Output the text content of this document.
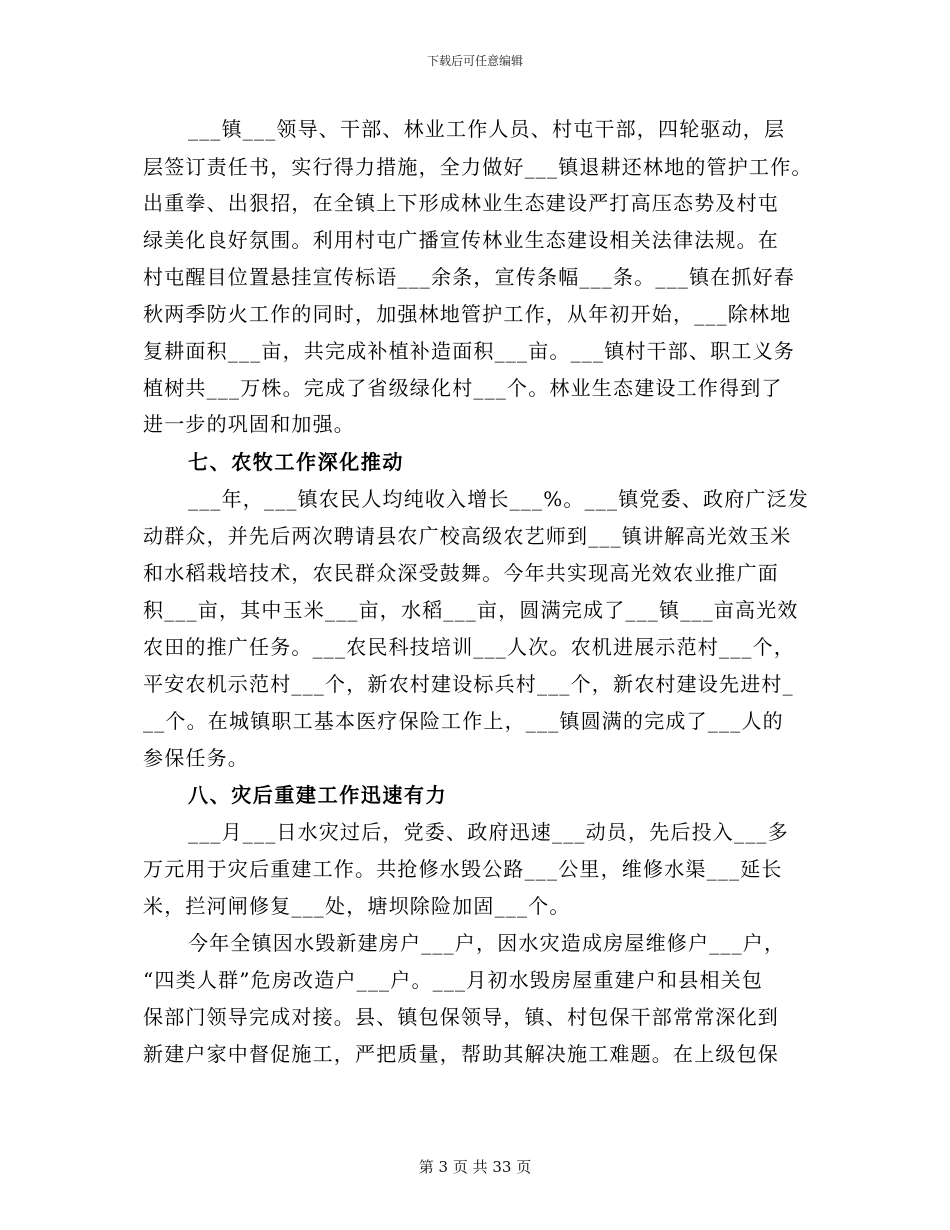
下载后可任意编辑
___镇___领导、干部、林业工作人员、村屯干部，四轮驱动，层
层签订责任书，实行得力措施，全力做好___镇退耕还林地的管护工作。
出重拳、出狠招，在全镇上下形成林业生态建设严打高压态势及村屯
绿美化良好氛围。利用村屯广播宣传林业生态建设相关法律法规。在
村屯醒目位置悬挂宣传标语___余条，宣传条幅___条。___镇在抓好春
秋两季防火工作的同时，加强林地管护工作，从年初开始，___除林地
复耕面积___亩，共完成补植补造面积___亩。___镇村干部、职工义务
植树共___万株。完成了省级绿化村___个。林业生态建设工作得到了
进一步的巩固和加强。
七、农牧工作深化推动
___年，___镇农民人均纯收入增长___%。___镇党委、政府广泛发
动群众，并先后两次聘请县农广校高级农艺师到___镇讲解高光效玉米
和水稻栽培技术，农民群众深受鼓舞。今年共实现高光效农业推广面
积___亩，其中玉米___亩，水稻___亩，圆满完成了___镇___亩高光效
农田的推广任务。___农民科技培训___人次。农机进展示范村___个，
平安农机示范村___个，新农村建设标兵村___个，新农村建设先进村_
__个。在城镇职工基本医疗保险工作上，___镇圆满的完成了___人的
参保任务。
八、灾后重建工作迅速有力
___月___日水灾过后，党委、政府迅速___动员，先后投入___多
万元用于灾后重建工作。共抢修水毁公路___公里，维修水渠___延长
米，拦河闸修复___处，塘坝除险加固___个。
今年全镇因水毁新建房户___户，因水灾造成房屋维修户___户，
“四类人群”危房改造户___户。___月初水毁房屋重建户和县相关包
保部门领导完成对接。县、镇包保领导，镇、村包保干部常常深化到
新建户家中督促施工，严把质量，帮助其解决施工难题。在上级包保
第 3 页 共 33 页
